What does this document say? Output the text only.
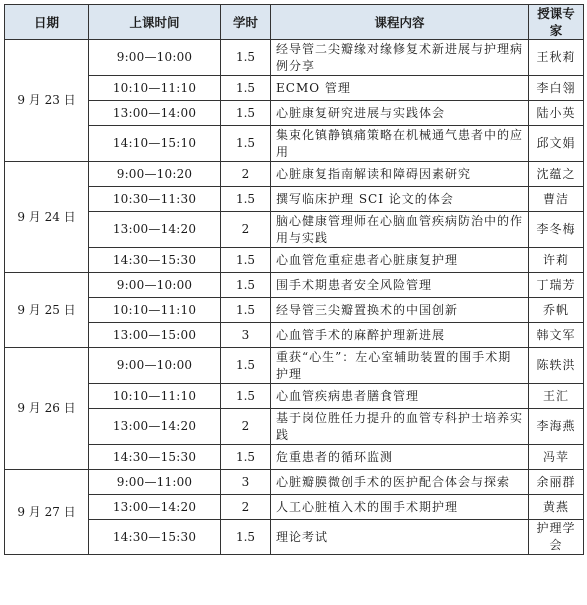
日期	上课时间	学时	课程内容	授课专家
9 月 23 日	9:00—10:00	1.5	经导管二尖瓣缘对缘修复术新进展与护理病例分享	王秋莉
	10:10—11:10	1.5	ECMO 管理	李白翎
	13:00—14:00	1.5	心脏康复研究进展与实践体会	陆小英
	14:10—15:10	1.5	集束化镇静镇痛策略在机械通气患者中的应用	邱文娟
9 月 24 日	9:00—10:20	2	心脏康复指南解读和障碍因素研究	沈蕴之
	10:30—11:30	1.5	撰写临床护理 SCI 论文的体会	曹洁
	13:00—14:20	2	脑心健康管理师在心脑血管疾病防治中的作用与实践	李冬梅
	14:30—15:30	1.5	心血管危重症患者心脏康复护理	许莉
9 月 25 日	9:00—10:00	1.5	围手术期患者安全风险管理	丁瑞芳
	10:10—11:10	1.5	经导管三尖瓣置换术的中国创新	乔帆
	13:00—15:00	3	心血管手术的麻醉护理新进展	韩文军
9 月 26 日	9:00—10:00	1.5	重获“心生”：左心室辅助装置的围手术期护理	陈轶洪
	10:10—11:10	1.5	心血管疾病患者膳食管理	王汇
	13:00—14:20	2	基于岗位胜任力提升的血管专科护士培养实践	李海燕
	14:30—15:30	1.5	危重患者的循环监测	冯苹
9 月 27 日	9:00—11:00	3	心脏瓣膜微创手术的医护配合体会与探索	余丽群
	13:00—14:20	2	人工心脏植入术的围手术期护理	黄燕
	14:30—15:30	1.5	理论考试	护理学会
